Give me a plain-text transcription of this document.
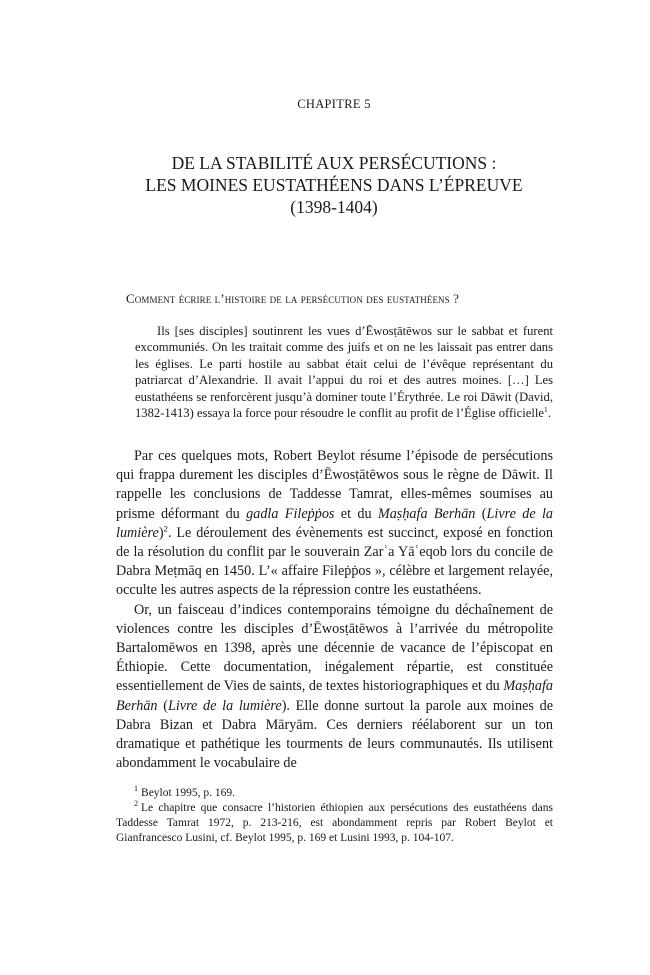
CHAPITRE 5
DE LA STABILITÉ AUX PERSÉCUTIONS :
LES MOINES EUSTATHÉENS DANS L’ÉPREUVE
(1398-1404)
Comment écrire l’histoire de la persécution des eustathéens ?

Ils [ses disciples] soutinrent les vues d’Ēwosṭātēwos sur le sabbat et furent excommuniés. On les traitait comme des juifs et on ne les laissait pas entrer dans les églises. Le parti hostile au sabbat était celui de l’évêque représentant du patriarcat d’Alexandrie. Il avait l’appui du roi et des autres moines. […] Les eustathéens se renforcèrent jusqu’à dominer toute l’Érythrée. Le roi Dāwit (David, 1382-1413) essaya la force pour résoudre le conflit au profit de l’Église officielle$^1$.

Par ces quelques mots, Robert Beylot résume l’épisode de persécutions qui frappa durement les disciples d’Ēwosṭātēwos sous le règne de Dāwit. Il rappelle les conclusions de Taddesse Tamrat, elles-mêmes soumises au prisme déformant du gadla Fileṗṗos et du Maṣḥafa Berhān (Livre de la lumière)$^2$. Le déroulement des évènements est succinct, exposé en fonction de la résolution du conflit par le souverain Zarʾa Yāʿeqob lors du concile de Dabra Meṭmāq en 1450. L’« affaire Fileṗṗos », célèbre et largement relayée, occulte les autres aspects de la répression contre les eustathéens.

Or, un faisceau d’indices contemporains témoigne du déchaînement de violences contre les disciples d’Ēwosṭātēwos à l’arrivée du métropolite Bartalomēwos en 1398, après une décennie de vacance de l’épiscopat en Éthiopie. Cette documentation, inégalement répartie, est constituée essentiellement de Vies de saints, de textes historiographiques et du Maṣḥafa Berhān (Livre de la lumière). Elle donne surtout la parole aux moines de Dabra Bizan et Dabra Māryām. Ces derniers réélaborent sur un ton dramatique et pathétique les tourments de leurs communautés. Ils utilisent abondamment le vocabulaire de

$^1$ Beylot 1995, p. 169.

$^2$ Le chapitre que consacre l’historien éthiopien aux persécutions des eustathéens dans Taddesse Tamrat 1972, p. 213-216, est abondamment repris par Robert Beylot et Gianfrancesco Lusini, cf. Beylot 1995, p. 169 et Lusini 1993, p. 104-107.
